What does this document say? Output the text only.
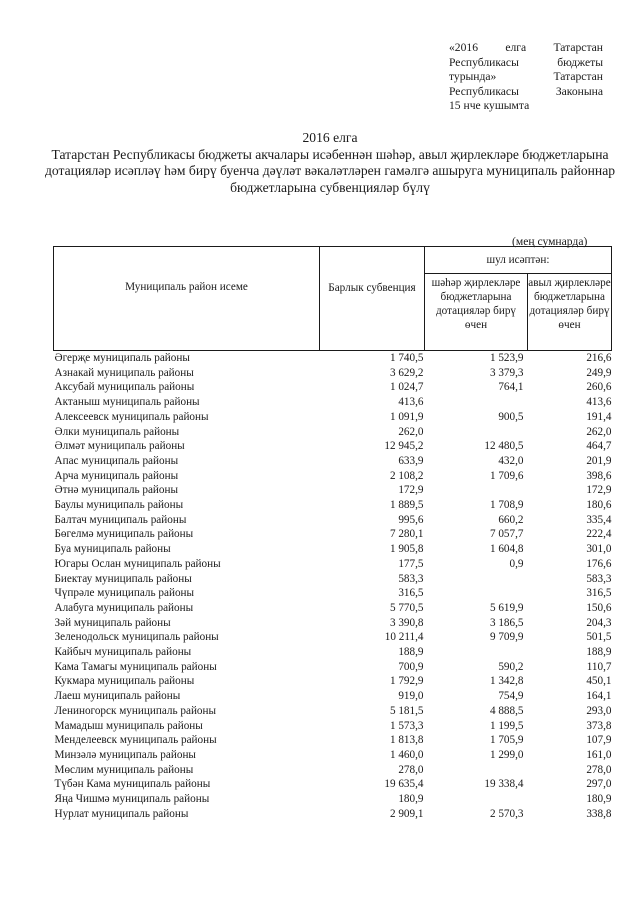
«2016 елга Татарстан
Республикасы бюджеты
турында» Татарстан
Республикасы Законына
15 нче кушымта
2016 елга
Татарстан Республикасы бюджеты акчалары исәбеннән шәһәр, авыл җирлекләре бюджетларына дотацияләр исәпләү һәм бирү буенча дәүләт вәкаләтләрен гамәлгә ашыруга муниципаль районнар бюджетларына субвенцияләр бүлү
(мең сумнарда)
Муниципаль район исеме	Барлык субвенция	шул исәптән:	
		шәһәр җирлекләре бюджетларына дотацияләр бирү өчен	авыл җирлекләре бюджетларына дотацияләр бирү өчен
Әгерҗе муниципаль районы	1 740,5	1 523,9	216,6
Азнакай муниципаль районы	3 629,2	3 379,3	249,9
Аксубай муниципаль районы	1 024,7	764,1	260,6
Актаныш муниципаль районы	413,6		413,6
Алексеевск муниципаль районы	1 091,9	900,5	191,4
Әлки муниципаль районы	262,0		262,0
Әлмәт муниципаль районы	12 945,2	12 480,5	464,7
Апас муниципаль районы	633,9	432,0	201,9
Арча муниципаль районы	2 108,2	1 709,6	398,6
Әтнә муниципаль районы	172,9		172,9
Баулы муниципаль районы	1 889,5	1 708,9	180,6
Балтач муниципаль районы	995,6	660,2	335,4
Бөгелмә муниципаль районы	7 280,1	7 057,7	222,4
Буа муниципаль районы	1 905,8	1 604,8	301,0
Югары Ослан муниципаль районы	177,5	0,9	176,6
Биектау муниципаль районы	583,3		583,3
Чүпрәле муниципаль районы	316,5		316,5
Алабуга муниципаль районы	5 770,5	5 619,9	150,6
Зәй муниципаль районы	3 390,8	3 186,5	204,3
Зеленодольск муниципаль районы	10 211,4	9 709,9	501,5
Кайбыч муниципаль районы	188,9		188,9
Кама Тамагы муниципаль районы	700,9	590,2	110,7
Кукмара муниципаль районы	1 792,9	1 342,8	450,1
Лаеш муниципаль районы	919,0	754,9	164,1
Лениногорск муниципаль районы	5 181,5	4 888,5	293,0
Мамадыш муниципаль районы	1 573,3	1 199,5	373,8
Менделеевск муниципаль районы	1 813,8	1 705,9	107,9
Минзәлә муниципаль районы	1 460,0	1 299,0	161,0
Мөслим муниципаль районы	278,0		278,0
Түбән Кама муниципаль районы	19 635,4	19 338,4	297,0
Яңа Чишмә муниципаль районы	180,9		180,9
Нурлат муниципаль районы	2 909,1	2 570,3	338,8
